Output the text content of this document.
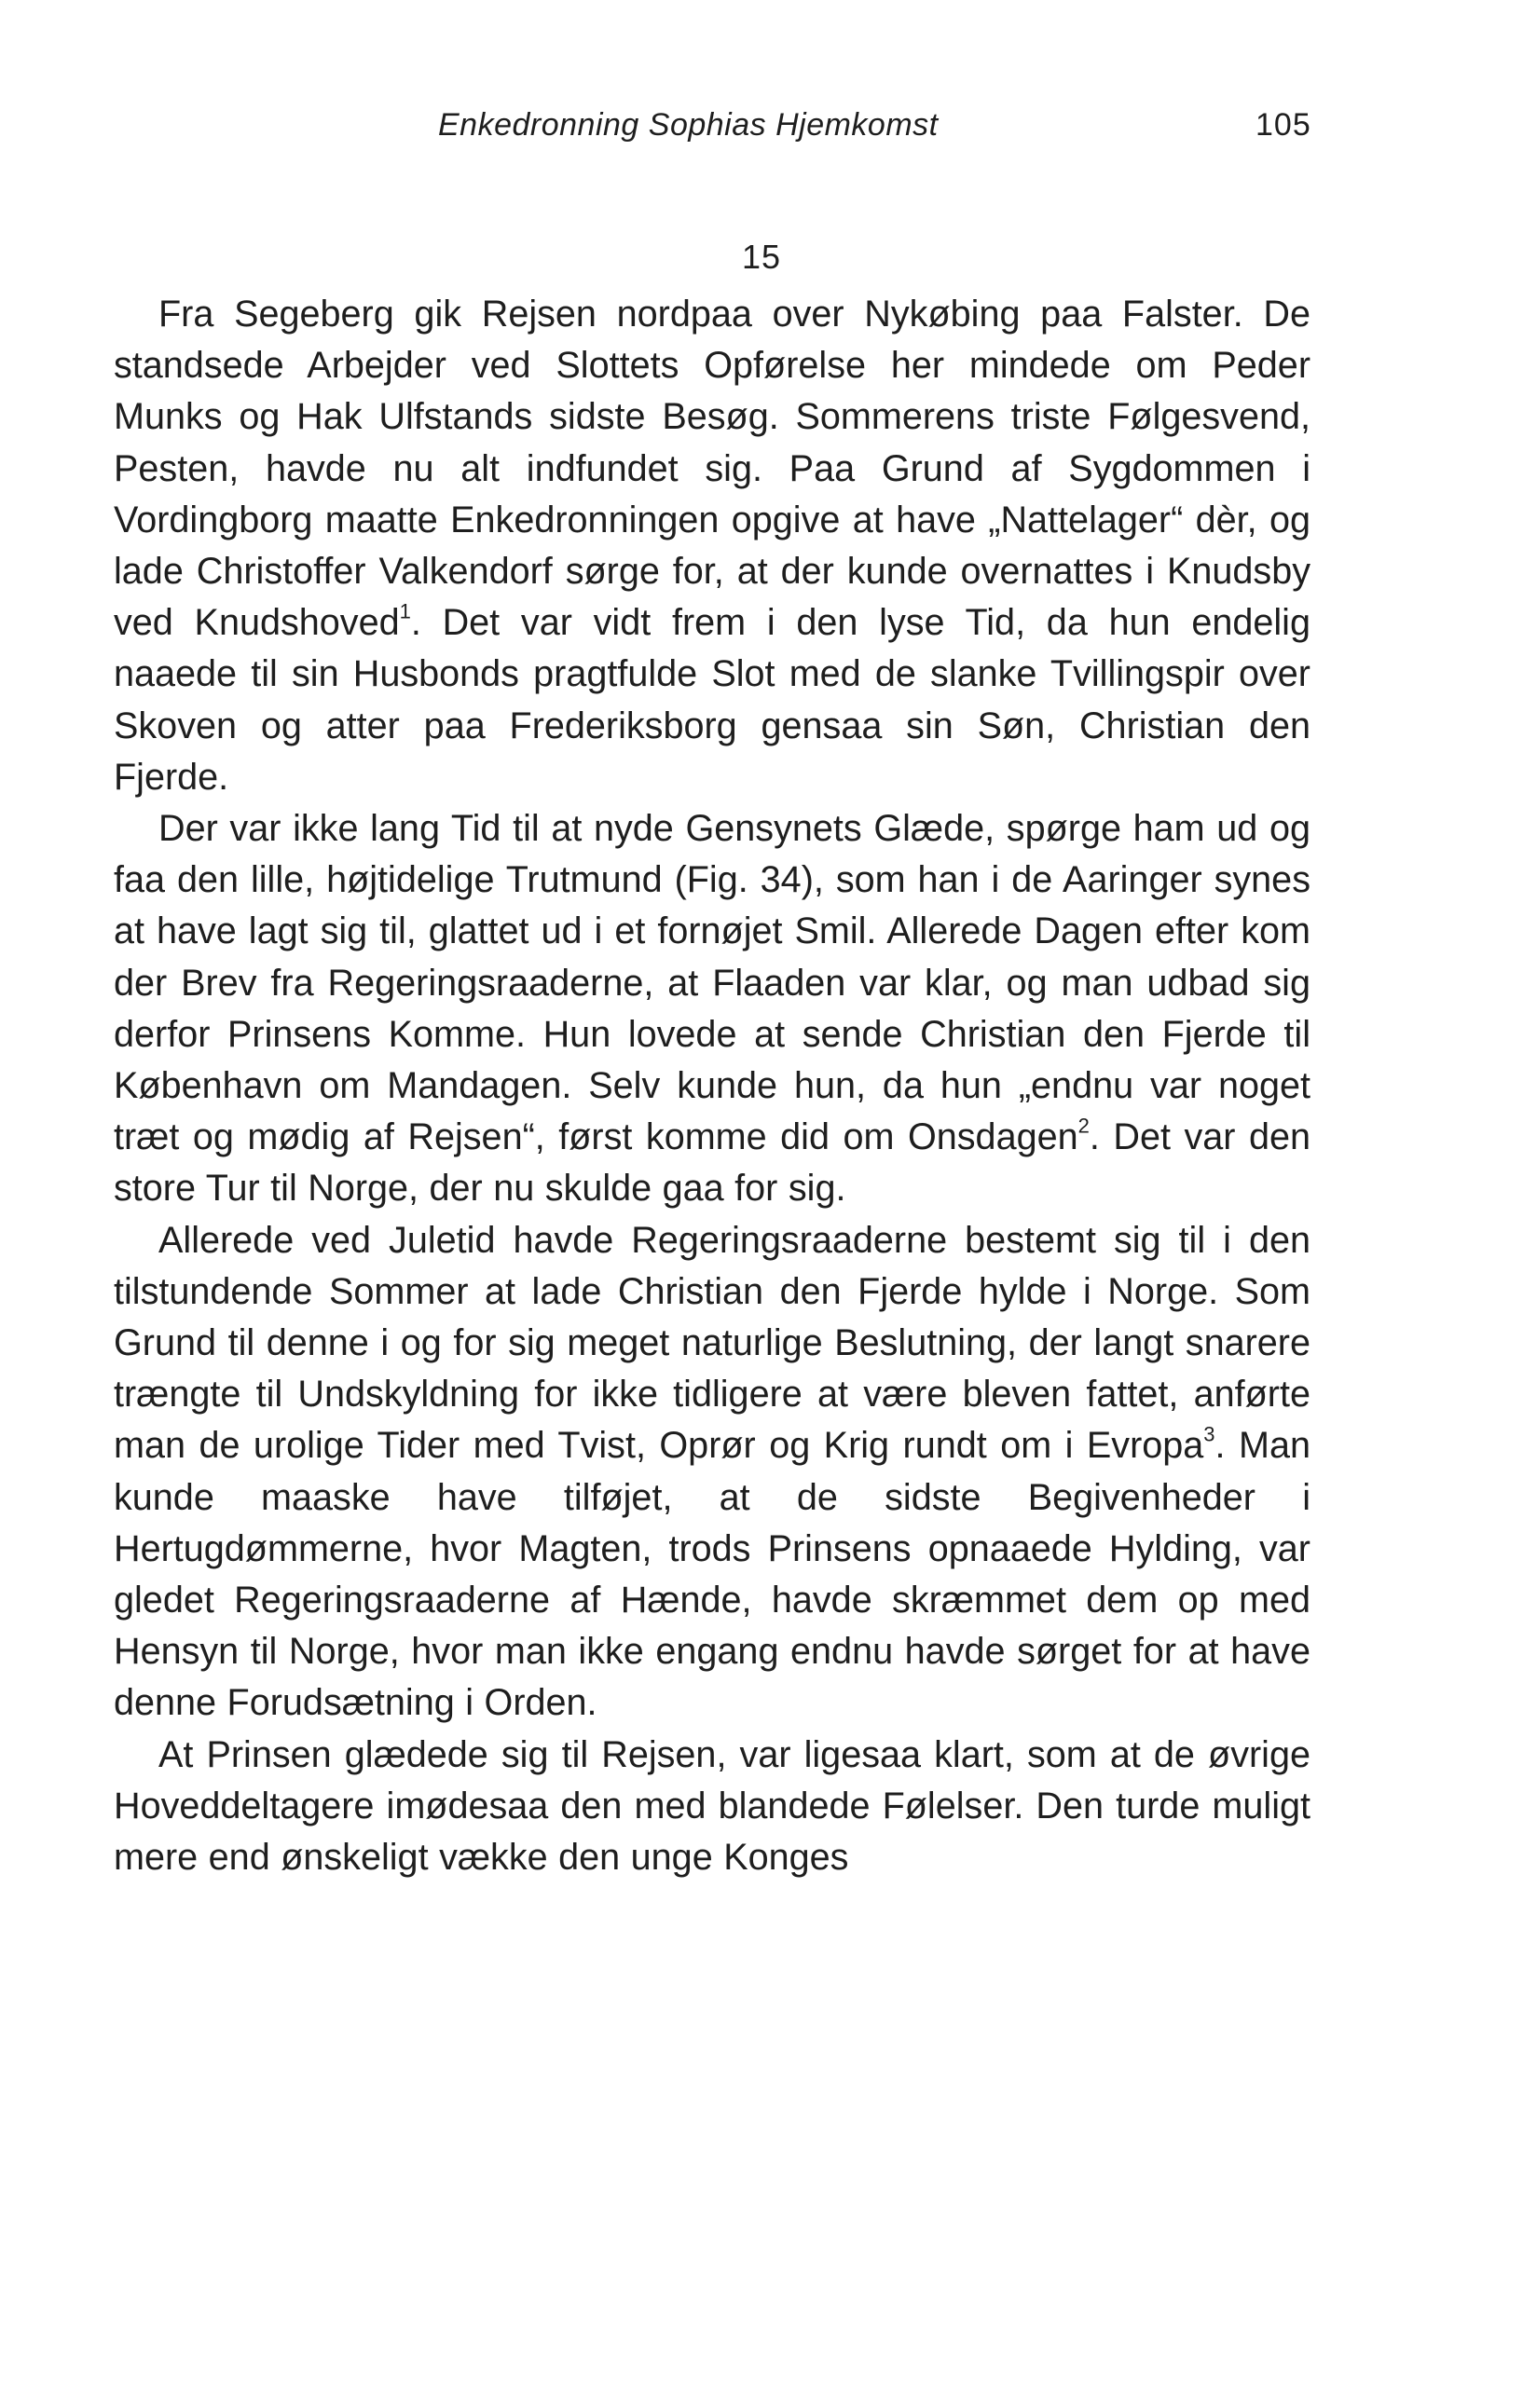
Enkedronning Sophias Hjemkomst	105
15

Fra Segeberg gik Rejsen nordpaa over Nykøbing paa Falster. De standsede Arbejder ved Slottets Opførelse her mindede om Peder Munks og Hak Ulfstands sidste Besøg. Sommerens triste Følgesvend, Pesten, havde nu alt indfundet sig. Paa Grund af Sygdommen i Vordingborg maatte Enkedronningen opgive at have „Nattelager“ dèr, og lade Christoffer Valkendorf sørge for, at der kunde overnattes i Knudsby ved Knudshoved$^1$. Det var vidt frem i den lyse Tid, da hun endelig naaede til sin Husbonds pragtfulde Slot med de slanke Tvillingspir over Skoven og atter paa Frederiksborg gensaa sin Søn, Christian den Fjerde.

Der var ikke lang Tid til at nyde Gensynets Glæde, spørge ham ud og faa den lille, højtidelige Trutmund (Fig. 34), som han i de Aaringer synes at have lagt sig til, glattet ud i et fornøjet Smil. Allerede Dagen efter kom der Brev fra Regeringsraaderne, at Flaaden var klar, og man udbad sig derfor Prinsens Komme. Hun lovede at sende Christian den Fjerde til København om Mandagen. Selv kunde hun, da hun „endnu var noget træt og mødig af Rejsen“, først komme did om Onsdagen$^2$. Det var den store Tur til Norge, der nu skulde gaa for sig.

Allerede ved Juletid havde Regeringsraaderne bestemt sig til i den tilstundende Sommer at lade Christian den Fjerde hylde i Norge. Som Grund til denne i og for sig meget naturlige Beslutning, der langt snarere trængte til Undskyldning for ikke tidligere at være bleven fattet, anførte man de urolige Tider med Tvist, Oprør og Krig rundt om i Evropa$^3$. Man kunde maaske have tilføjet, at de sidste Begivenheder i Hertugdømmerne, hvor Magten, trods Prinsens opnaaede Hylding, var gledet Regeringsraaderne af Hænde, havde skræmmet dem op med Hensyn til Norge, hvor man ikke engang endnu havde sørget for at have denne Forudsætning i Orden.

At Prinsen glædede sig til Rejsen, var ligesaa klart, som at de øvrige Hoveddeltagere imødesaa den med blandede Følelser. Den turde muligt mere end ønskeligt vække den unge Konges
